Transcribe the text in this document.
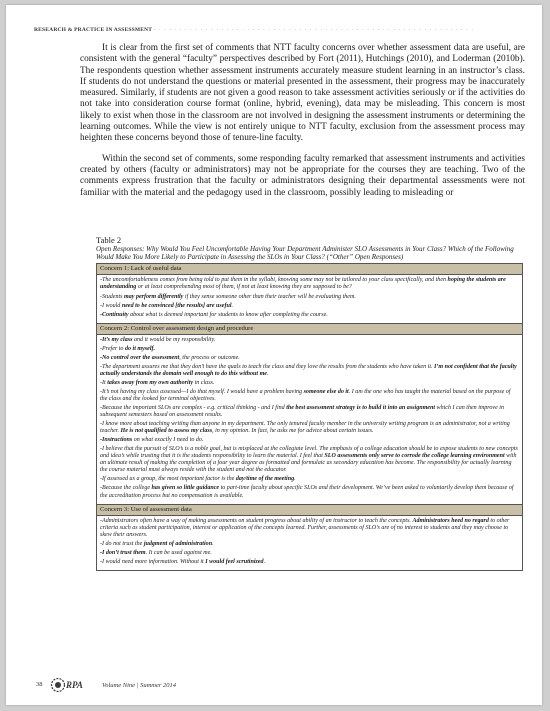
RESEARCH & PRACTICE IN ASSESSMENT · · · · · · · · · · · · · · · · · · · · · · · · · · · · · · · · · · · · · · · · · · · · · · · · · · · · · · · · · · · · · ·

It is clear from the first set of comments that NTT faculty concerns over whether assessment data are useful, are consistent with the general “faculty” perspectives described by Fort (2011), Hutchings (2010), and Loderman (2010b). The respondents question whether assessment instruments accurately measure student learning in an instructor’s class. If students do not understand the questions or material presented in the assessment, their progress may be inaccurately measured. Similarly, if students are not given a good reason to take assessment activities seriously or if the activities do not take into consideration course format (online, hybrid, evening), data may be misleading. This concern is most likely to exist when those in the classroom are not involved in designing the assessment instruments or determining the learning outcomes. While the view is not entirely unique to NTT faculty, exclusion from the assessment process may heighten these concerns beyond those of tenure-line faculty.

Within the second set of comments, some responding faculty remarked that assessment instruments and activities created by others (faculty or administrators) may not be appropriate for the courses they are teaching. Two of the comments express frustration that the faculty or administrators designing their departmental assessments were not familiar with the material and the pedagogy used in the classroom, possibly leading to misleading or

Table 2

Open Responses: Why Would You Feel Uncomfortable Having Your Department Administer SLO Assessments in Your Class? Which of the Following Would Make You More Likely to Participate in Assessing the SLOs in Your Class? (“Other” Open Responses)

Concern 1: Lack of useful data
-The uncomfortableness comes from being told to put them in the syllabi, knowing some may not be tailored to your class specifically, and then hoping the students are understanding or at least comprehending most of them, if not at least knowing they are supposed to be?
-Students may perform differently if they sense someone other than their teacher will be evaluating them.
-I would need to be convinced [the results] are useful.
-Continuity about what is deemed important for students to know after completing the course.
Concern 2: Control over assessment design and procedure
-It’s my class and it would be my responsibility.
-Prefer to do it myself.
-No control over the assessment, the process or outcome.
-The department assures me that they don’t have the quals to teach the class and they love the results from the students who have taken it. I’m not confident that the faculty actually understands the domain well enough to do this without me.
-It takes away from my own authority in class.
-It’s not having my class assessed—I do that myself. I would have a problem having someone else do it. I am the one who has taught the material based on the purpose of the class and the looked for terminal objectives.
-Because the important SLOs are complex - e.g. critical thinking - and I find the best assessment strategy is to build it into an assignment which I can then improve in subsequent semesters based on assessment results.
-I know more about teaching writing than anyone in my department. The only tenured faculty member in the university writing program is an administrator, not a writing teacher. He is not qualified to assess my class, in my opinion. In fact, he asks me for advice about certain issues.
-Instructions on what exactly I need to do.
-I believe that the pursuit of SLO’s is a noble goal, but is misplaced at the collegiate level. The emphasis of a college education should be to expose students to new concepts and idea’s while trusting that it is the students responsibility to learn the material. I feel that SLO assessments only serve to corrode the college learning environment with an ultimate result of making the completion of a four year degree as formatted and formulaic as secondary education has become. The responsibility for actually learning the course material must always reside with the student and not the educator.
-If assessed as a group, the most important factor is the day/time of the meeting.
-Because the college has given so little guidance to part-time faculty about specific SLOs and their development. We’ve been asked to voluntarily develop them because of the accreditation process but no compensation is available.
Concern 3: Use of assessment data
-Administrators often have a way of making assessments on student progress about ability of an instructor to teach the concepts. Administrators heed no regard to other criteria such as student participation, interest or application of the concepts learned. Further, assessments of SLO’s are of no interest to students and they may choose to skew their answers.
-I do not trust the judgment of administration.
-I don’t trust them. It can be used against me.
-I would need more information. Without it I would feel scrutinized.
38	RPA	Volume Nine | Summer 2014
